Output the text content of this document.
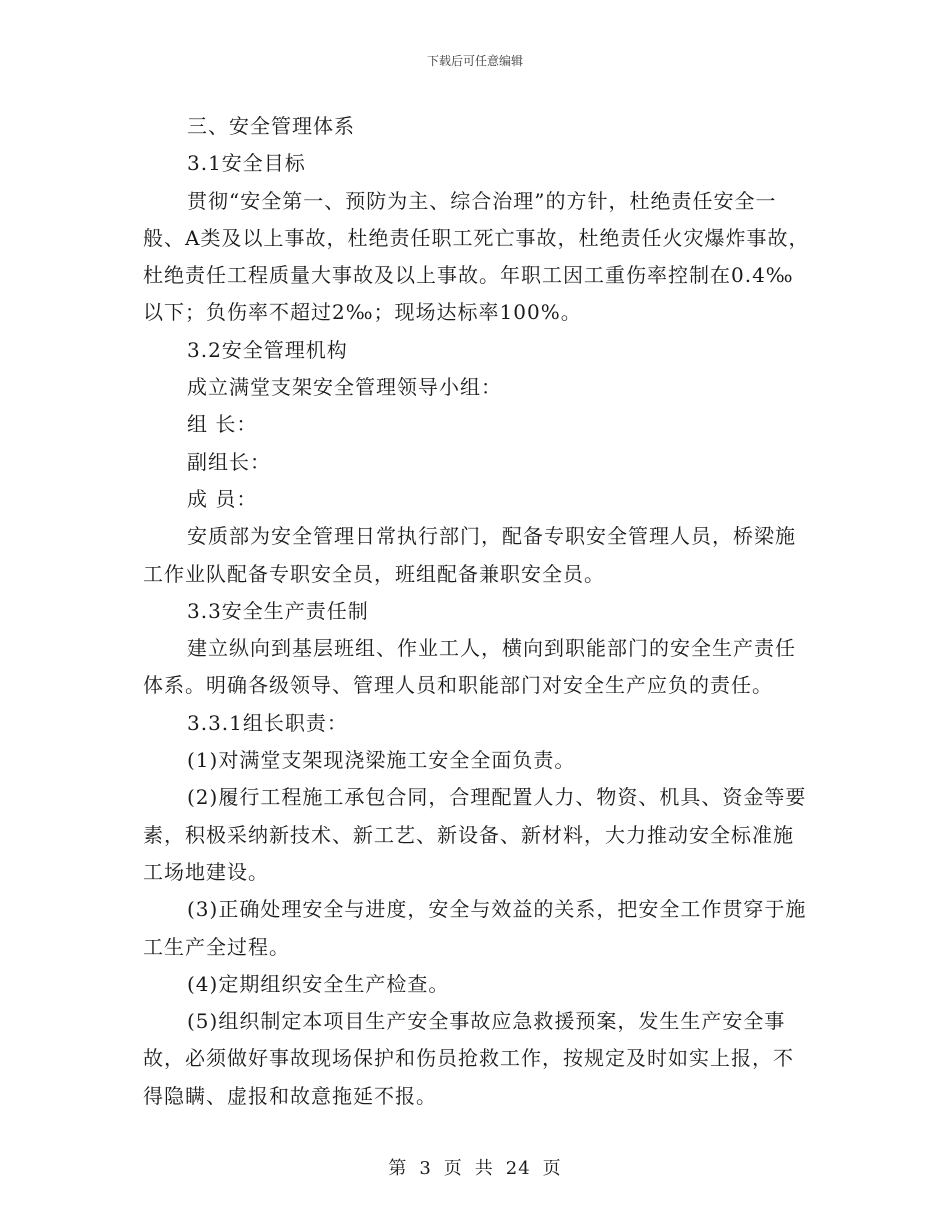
下载后可任意编辑

三、安全管理体系

3.1安全目标

贯彻“安全第一、预防为主、综合治理”的方针，杜绝责任安全一般、A类及以上事故，杜绝责任职工死亡事故，杜绝责任火灾爆炸事故，杜绝责任工程质量大事故及以上事故。年职工因工重伤率控制在0.4‰以下；负伤率不超过2‰；现场达标率100%。

3.2安全管理机构

成立满堂支架安全管理领导小组：

组 长：

副组长：

成 员：

安质部为安全管理日常执行部门，配备专职安全管理人员，桥梁施工作业队配备专职安全员，班组配备兼职安全员。

3.3安全生产责任制

建立纵向到基层班组、作业工人，横向到职能部门的安全生产责任体系。明确各级领导、管理人员和职能部门对安全生产应负的责任。

3.3.1组长职责：

(1)对满堂支架现浇梁施工安全全面负责。

(2)履行工程施工承包合同，合理配置人力、物资、机具、资金等要素，积极采纳新技术、新工艺、新设备、新材料，大力推动安全标准施工场地建设。

(3)正确处理安全与进度，安全与效益的关系，把安全工作贯穿于施工生产全过程。

(4)定期组织安全生产检查。

(5)组织制定本项目生产安全事故应急救援预案，发生生产安全事故，必须做好事故现场保护和伤员抢救工作，按规定及时如实上报，不得隐瞒、虚报和故意拖延不报。

第 3 页 共 24 页
